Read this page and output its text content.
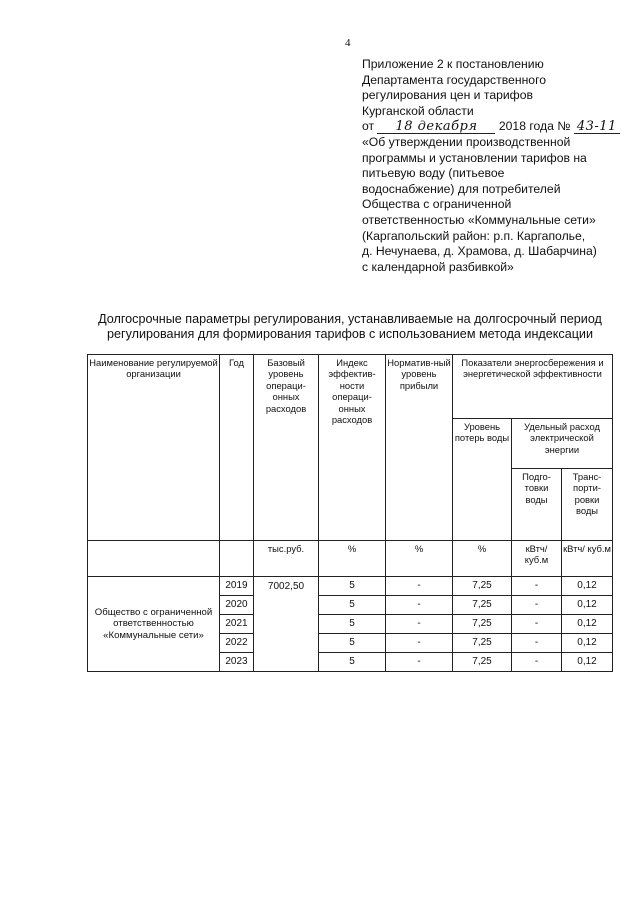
4
Приложение 2 к постановлению
Департамента государственного
регулирования цен и тарифов
Курганской области
от 18 декабря 2018 года № 43-11
«Об утверждении производственной
программы и установлении тарифов на
питьевую воду (питьевое
водоснабжение) для потребителей
Общества с ограниченной
ответственностью «Коммунальные сети»
(Каргапольский район: р.п. Каргаполье,
д. Нечунаева, д. Храмова, д. Шабарчина)
с календарной разбивкой»
Долгосрочные параметры регулирования, устанавливаемые на долгосрочный период
регулирования для формирования тарифов с использованием метода индексации
Наименование регулируемой организации	Год	Базовый уровень операци-онных расходов	Индекс эффектив-ности операци-онных расходов	Норматив-ный уровень прибыли	Показатели энергосбережения и энергетической эффективности		
					Уровень потерь воды	Удельный расход электрической энергии	
						Подго-товки воды	Транс-порти-ровки воды
		тыс.руб.	%	%	%	кВтч/ куб.м	кВтч/ куб.м
Общество с ограниченной ответственностью «Коммунальные сети»	2019	7002,50	5	-	7,25	-	0,12
	2020		5	-	7,25	-	0,12
	2021		5	-	7,25	-	0,12
	2022		5	-	7,25	-	0,12
	2023		5	-	7,25	-	0,12
